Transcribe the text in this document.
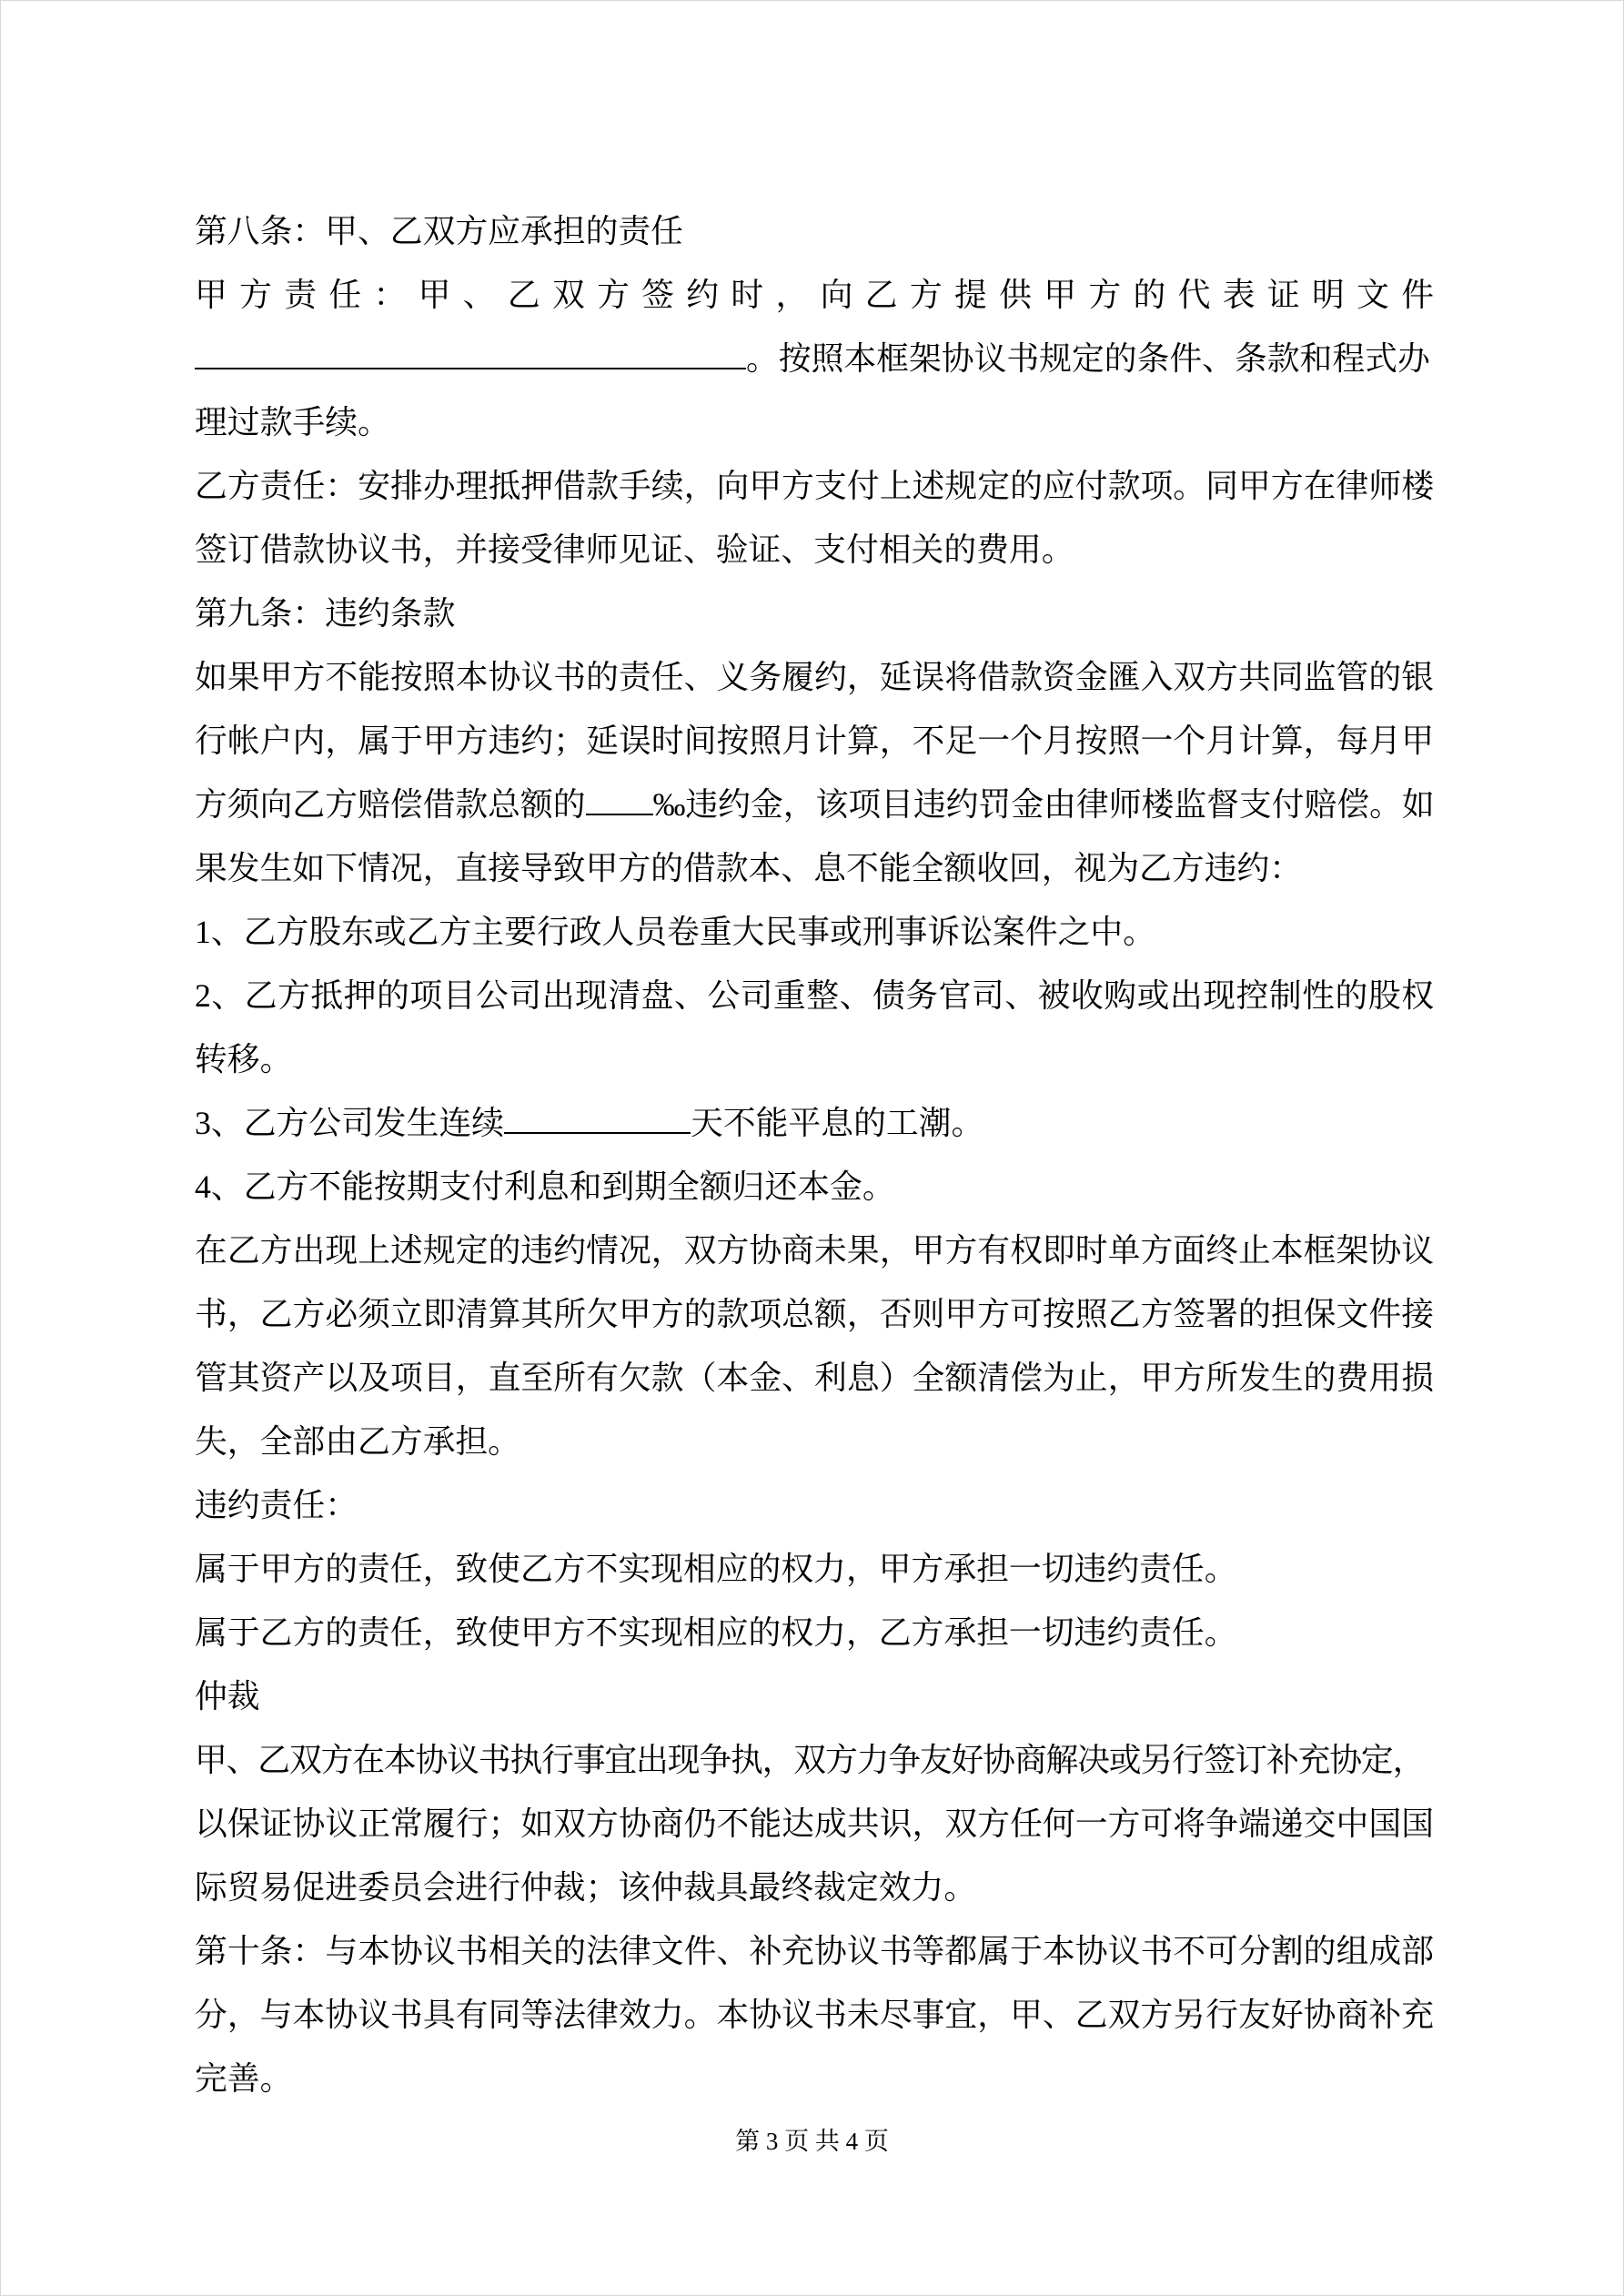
第八条：甲、乙双方应承担的责任
甲方责任：甲、乙双方签约时，向乙方提供甲方的代表证明文件
。按照本框架协议书规定的条件、条款和程式办
理过款手续。
乙方责任：安排办理抵押借款手续，向甲方支付上述规定的应付款项。同甲方在律师楼
签订借款协议书，并接受律师见证、验证、支付相关的费用。
第九条：违约条款
如果甲方不能按照本协议书的责任、义务履约，延误将借款资金匯入双方共同监管的银
行帐户内，属于甲方违约；延误时间按照月计算，不足一个月按照一个月计算，每月甲
方须向乙方赔偿借款总额的 ‰违约金，该项目违约罚金由律师楼监督支付赔偿。如
果发生如下情况，直接导致甲方的借款本、息不能全额收回，视为乙方违约：
1、乙方股东或乙方主要行政人员卷重大民事或刑事诉讼案件之中。
2、乙方抵押的项目公司出现清盘、公司重整、债务官司、被收购或出现控制性的股权
转移。
3、乙方公司发生连续	天不能平息的工潮。
4、乙方不能按期支付利息和到期全额归还本金。
在乙方出现上述规定的违约情况，双方协商未果，甲方有权即时单方面终止本框架协议
书，乙方必须立即清算其所欠甲方的款项总额，否则甲方可按照乙方签署的担保文件接
管其资产以及项目，直至所有欠款（本金、利息）全额清偿为止，甲方所发生的费用损
失，全部由乙方承担。
违约责任：
属于甲方的责任，致使乙方不实现相应的权力，甲方承担一切违约责任。
属于乙方的责任，致使甲方不实现相应的权力，乙方承担一切违约责任。
仲裁
甲、乙双方在本协议书执行事宜出现争执，双方力争友好协商解决或另行签订补充协定，
以保证协议正常履行；如双方协商仍不能达成共识，双方任何一方可将争端递交中国国
际贸易促进委员会进行仲裁；该仲裁具最终裁定效力。
第十条：与本协议书相关的法律文件、补充协议书等都属于本协议书不可分割的组成部
分，与本协议书具有同等法律效力。本协议书未尽事宜，甲、乙双方另行友好协商补充
完善。
第 3 页 共 4 页
